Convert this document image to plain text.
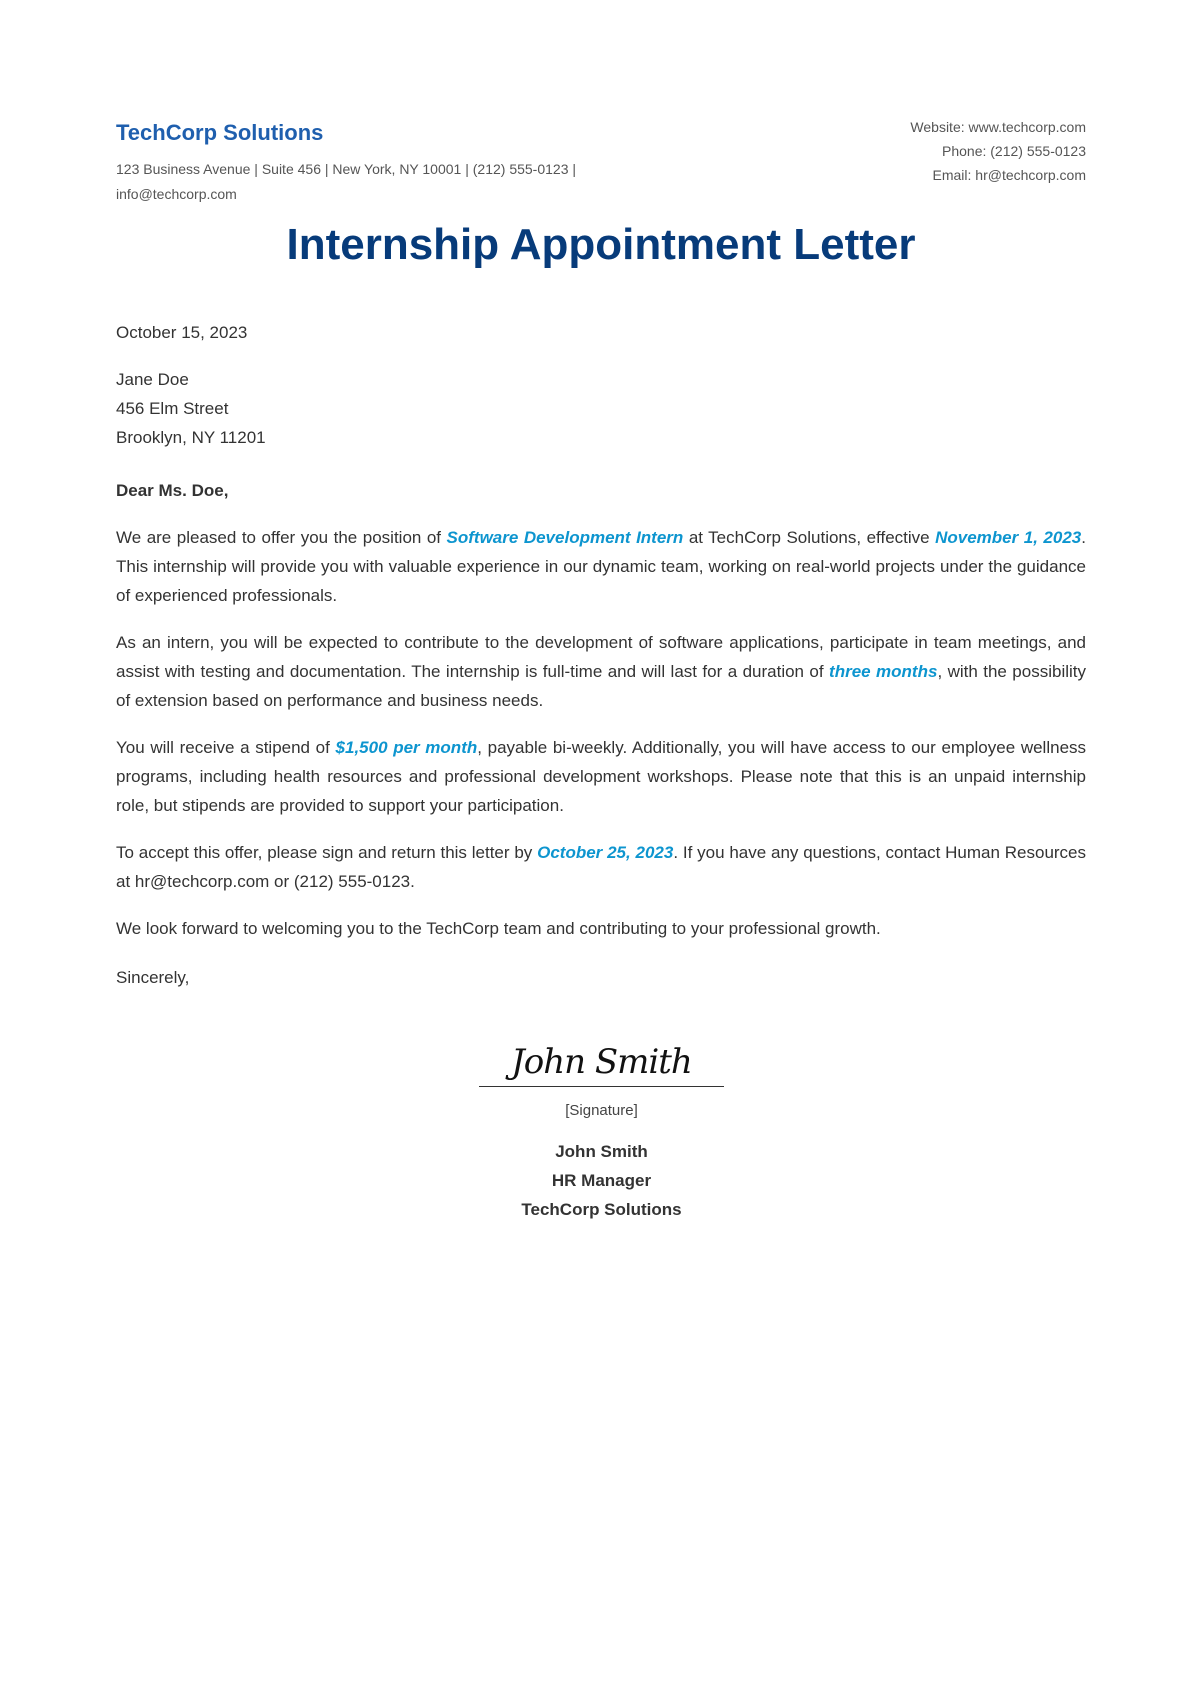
TechCorp Solutions
123 Business Avenue | Suite 456 | New York, NY 10001 | (212) 555-0123 | info@techcorp.com
Website: www.techcorp.com
Phone: (212) 555-0123
Email: hr@techcorp.com
Internship Appointment Letter
October 15, 2023
Jane Doe
456 Elm Street
Brooklyn, NY 11201
Dear Ms. Doe,

We are pleased to offer you the position of Software Development Intern at TechCorp Solutions, effective November 1, 2023. This internship will provide you with valuable experience in our dynamic team, working on real-world projects under the guidance of experienced professionals.

As an intern, you will be expected to contribute to the development of software applications, participate in team meetings, and assist with testing and documentation. The internship is full-time and will last for a duration of three months, with the possibility of extension based on performance and business needs.

You will receive a stipend of $1,500 per month, payable bi-weekly. Additionally, you will have access to our employee wellness programs, including health resources and professional development workshops. Please note that this is an unpaid internship role, but stipends are provided to support your participation.

To accept this offer, please sign and return this letter by October 25, 2023. If you have any questions, contact Human Resources at hr@techcorp.com or (212) 555-0123.

We look forward to welcoming you to the TechCorp team and contributing to your professional growth.

Sincerely,
John Smith
[Signature]
John Smith
HR Manager
TechCorp Solutions
